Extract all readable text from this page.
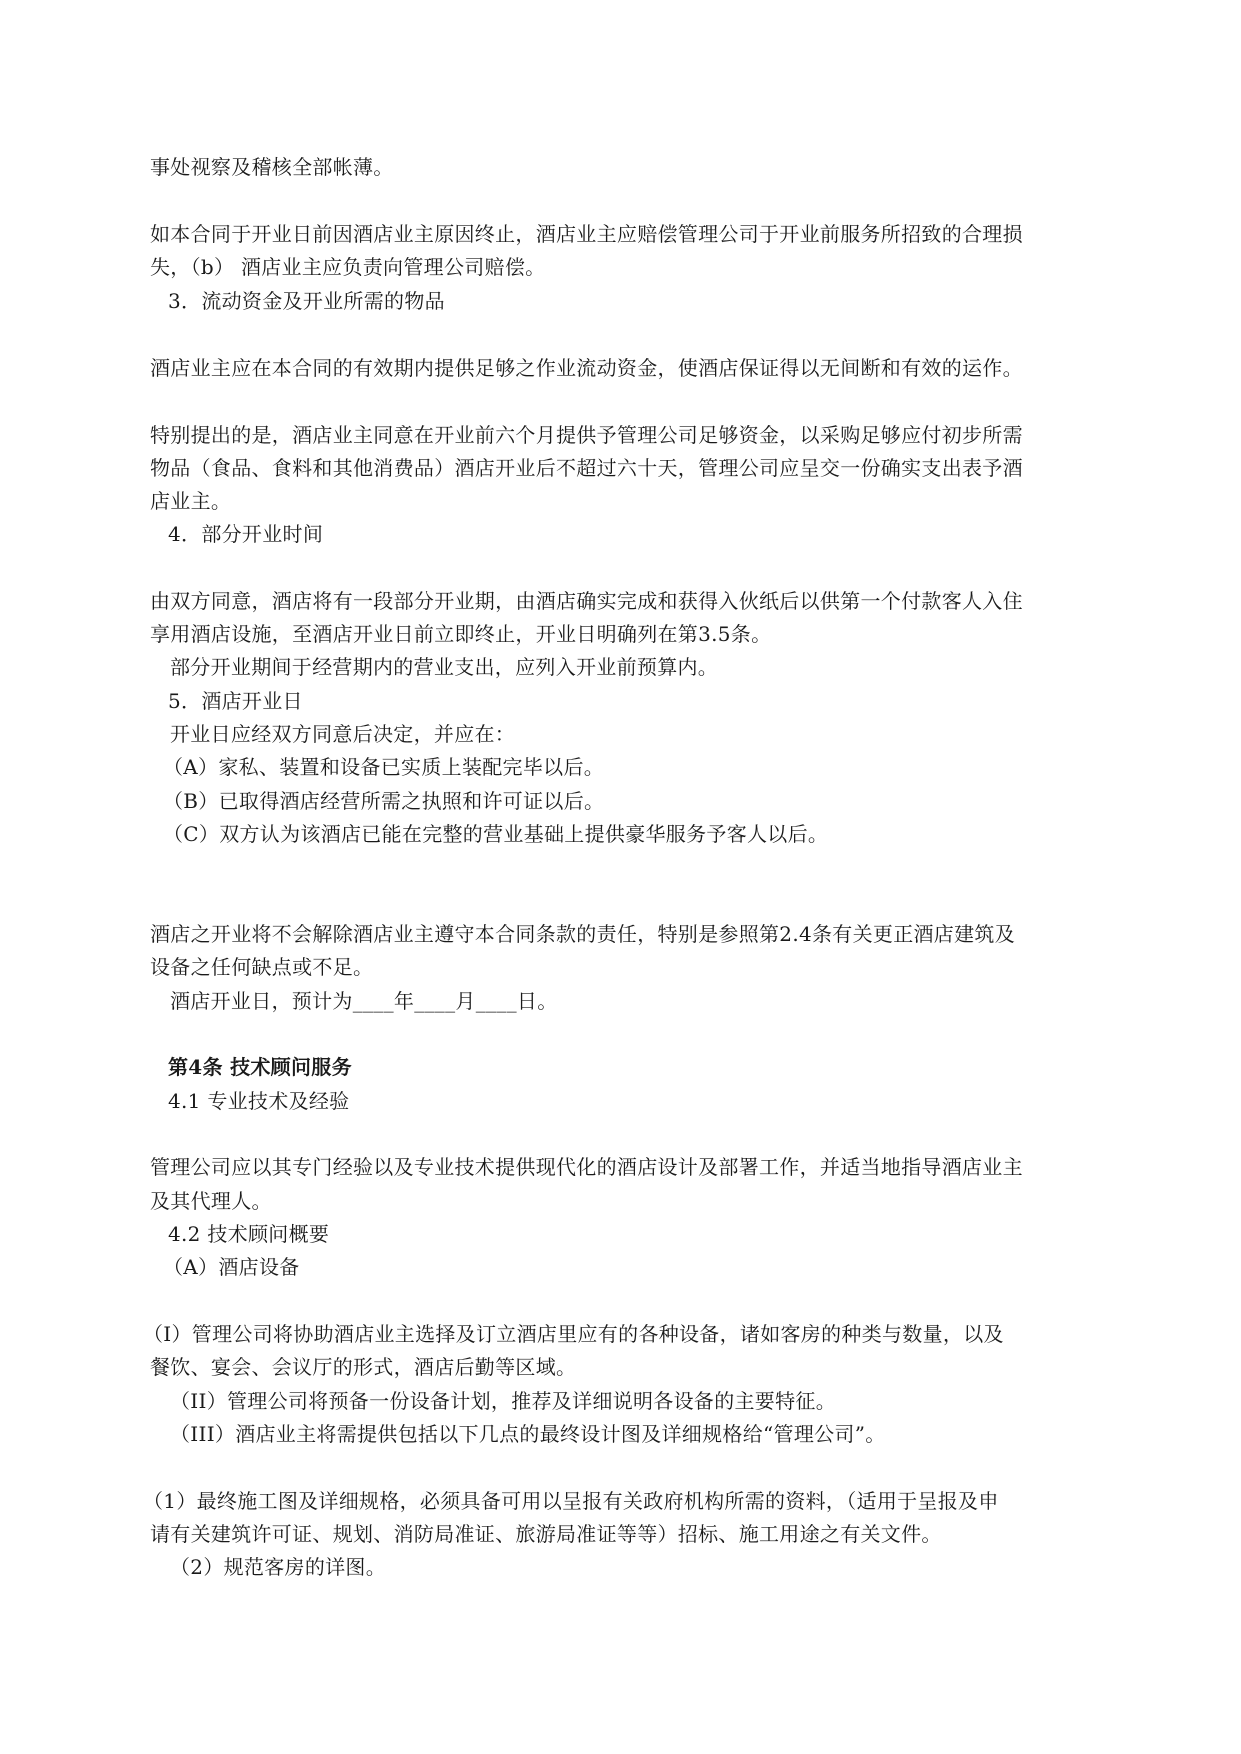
事处视察及稽核全部帐薄。
如本合同于开业日前因酒店业主原因终止，酒店业主应赔偿管理公司于开业前服务所招致的合理损
失，（b） 酒店业主应负责向管理公司赔偿。
3．流动资金及开业所需的物品
酒店业主应在本合同的有效期内提供足够之作业流动资金，使酒店保证得以无间断和有效的运作。
特别提出的是，酒店业主同意在开业前六个月提供予管理公司足够资金，以采购足够应付初步所需
物品（食品、食料和其他消费品）酒店开业后不超过六十天，管理公司应呈交一份确实支出表予酒
店业主。
4．部分开业时间
由双方同意，酒店将有一段部分开业期，由酒店确实完成和获得入伙纸后以供第一个付款客人入住
享用酒店设施，至酒店开业日前立即终止，开业日明确列在第3.5条。
部分开业期间于经营期内的营业支出，应列入开业前预算内。
5．酒店开业日
开业日应经双方同意后决定，并应在：
（A）家私、装置和设备已实质上装配完毕以后。
（B）已取得酒店经营所需之执照和许可证以后。
（C）双方认为该酒店已能在完整的营业基础上提供豪华服务予客人以后。
酒店之开业将不会解除酒店业主遵守本合同条款的责任，特别是参照第2.4条有关更正酒店建筑及
设备之任何缺点或不足。
酒店开业日，预计为____年____月____日。
第4条 技术顾问服务
4.1 专业技术及经验
管理公司应以其专门经验以及专业技术提供现代化的酒店设计及部署工作，并适当地指导酒店业主
及其代理人。
4.2 技术顾问概要
（A）酒店设备
（I）管理公司将协助酒店业主选择及订立酒店里应有的各种设备，诸如客房的种类与数量，以及
餐饮、宴会、会议厅的形式，酒店后勤等区域。
（II）管理公司将预备一份设备计划，推荐及详细说明各设备的主要特征。
（III）酒店业主将需提供包括以下几点的最终设计图及详细规格给“管理公司”。
（1）最终施工图及详细规格，必须具备可用以呈报有关政府机构所需的资料，（适用于呈报及申
请有关建筑许可证、规划、消防局准证、旅游局准证等等）招标、施工用途之有关文件。
（2）规范客房的详图。
